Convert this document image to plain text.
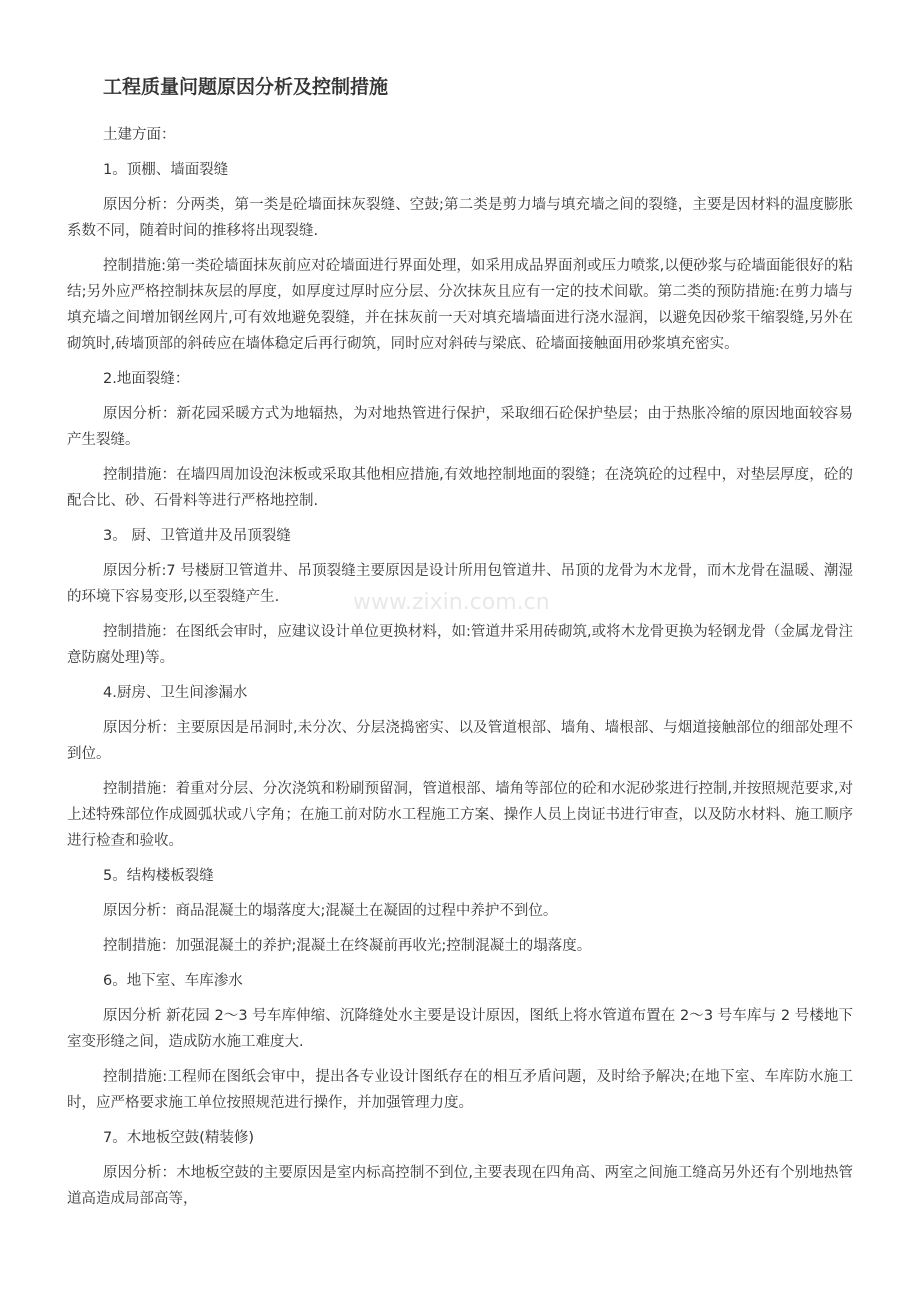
工程质量问题原因分析及控制措施

土建方面：

1。顶棚、墙面裂缝

原因分析：分两类，第一类是砼墙面抹灰裂缝、空鼓;第二类是剪力墙与填充墙之间的裂缝，主要是因材料的温度膨胀系数不同，随着时间的推移将出现裂缝.

控制措施:第一类砼墙面抹灰前应对砼墙面进行界面处理，如采用成品界面剂或压力喷浆,以便砂浆与砼墙面能很好的粘结;另外应严格控制抹灰层的厚度，如厚度过厚时应分层、分次抹灰且应有一定的技术间歇。第二类的预防措施:在剪力墙与填充墙之间增加钢丝网片,可有效地避免裂缝，并在抹灰前一天对填充墙墙面进行浇水湿润，以避免因砂浆干缩裂缝,另外在砌筑时,砖墙顶部的斜砖应在墙体稳定后再行砌筑，同时应对斜砖与梁底、砼墙面接触面用砂浆填充密实。

2.地面裂缝：

原因分析：新花园采暖方式为地辐热，为对地热管进行保护，采取细石砼保护垫层；由于热胀冷缩的原因地面较容易产生裂缝。

控制措施：在墙四周加设泡沫板或采取其他相应措施,有效地控制地面的裂缝；在浇筑砼的过程中，对垫层厚度，砼的配合比、砂、石骨料等进行严格地控制.

3。 厨、卫管道井及吊顶裂缝

原因分析:7 号楼厨卫管道井、吊顶裂缝主要原因是设计所用包管道井、吊顶的龙骨为木龙骨，而木龙骨在温暖、潮湿的环境下容易变形,以至裂缝产生.

控制措施：在图纸会审时，应建议设计单位更换材料，如:管道井采用砖砌筑,或将木龙骨更换为轻钢龙骨（金属龙骨注意防腐处理)等。

4.厨房、卫生间渗漏水

原因分析：主要原因是吊洞时,未分次、分层浇捣密实、以及管道根部、墙角、墙根部、与烟道接触部位的细部处理不到位。

控制措施：着重对分层、分次浇筑和粉刷预留洞，管道根部、墙角等部位的砼和水泥砂浆进行控制,并按照规范要求,对上述特殊部位作成圆弧状或八字角；在施工前对防水工程施工方案、操作人员上岗证书进行审查，以及防水材料、施工顺序进行检查和验收。

5。结构楼板裂缝

原因分析：商品混凝土的塌落度大;混凝土在凝固的过程中养护不到位。

控制措施：加强混凝土的养护;混凝土在终凝前再收光;控制混凝土的塌落度。

6。地下室、车库渗水

原因分析 新花园 2～3 号车库伸缩、沉降缝处水主要是设计原因，图纸上将水管道布置在 2～3 号车库与 2 号楼地下室变形缝之间，造成防水施工难度大.

控制措施:工程师在图纸会审中，提出各专业设计图纸存在的相互矛盾问题，及时给予解决;在地下室、车库防水施工时，应严格要求施工单位按照规范进行操作，并加强管理力度。

7。木地板空鼓(精装修)

原因分析：木地板空鼓的主要原因是室内标高控制不到位,主要表现在四角高、两室之间施工缝高另外还有个别地热管道高造成局部高等，

www.zixin.com.cn
